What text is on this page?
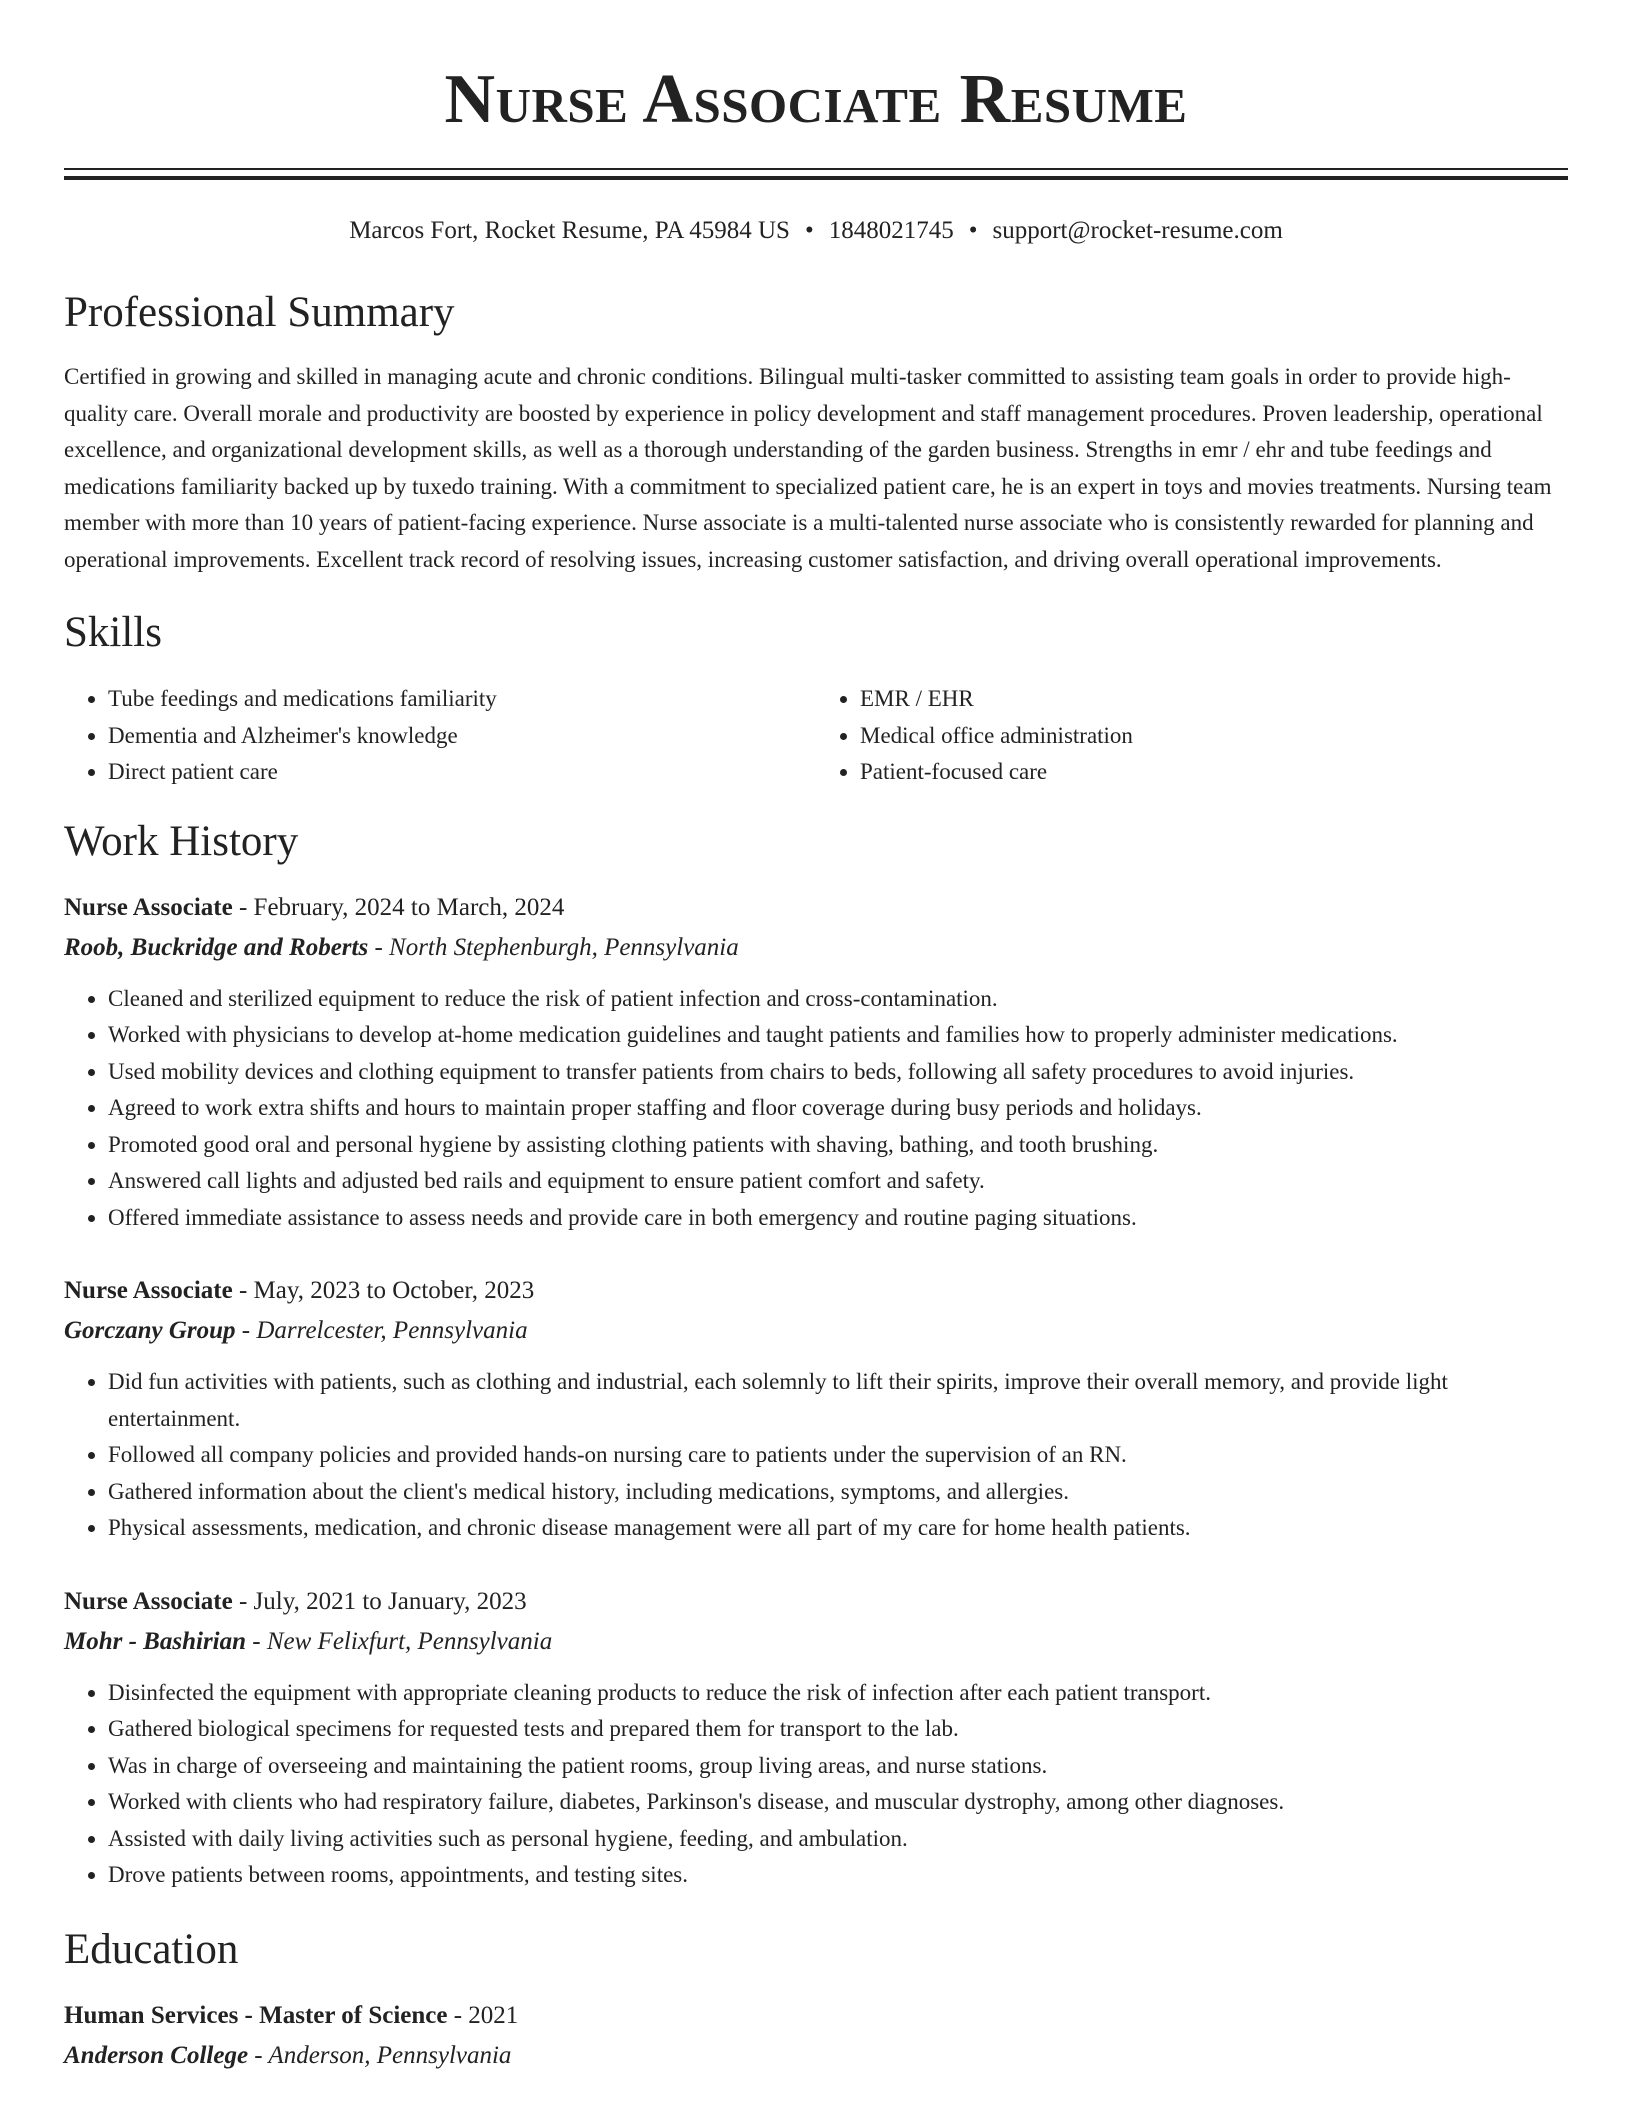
Nurse Associate Resume
Marcos Fort, Rocket Resume, PA 45984 US • 1848021745 • support@rocket-resume.com
Professional Summary

Certified in growing and skilled in managing acute and chronic conditions. Bilingual multi-tasker committed to assisting team goals in order to provide high-quality care. Overall morale and productivity are boosted by experience in policy development and staff management procedures. Proven leadership, operational excellence, and organizational development skills, as well as a thorough understanding of the garden business. Strengths in emr / ehr and tube feedings and medications familiarity backed up by tuxedo training. With a commitment to specialized patient care, he is an expert in toys and movies treatments. Nursing team member with more than 10 years of patient-facing experience. Nurse associate is a multi-talented nurse associate who is consistently rewarded for planning and operational improvements. Excellent track record of resolving issues, increasing customer satisfaction, and driving overall operational improvements.

Skills
• Tube feedings and medications familiarity
• Dementia and Alzheimer's knowledge
• Direct patient care
• EMR / EHR
• Medical office administration
• Patient-focused care
Work History
Nurse Associate - February, 2024 to March, 2024
Roob, Buckridge and Roberts - North Stephenburgh, Pennsylvania
• Cleaned and sterilized equipment to reduce the risk of patient infection and cross-contamination.
• Worked with physicians to develop at-home medication guidelines and taught patients and families how to properly administer medications.
• Used mobility devices and clothing equipment to transfer patients from chairs to beds, following all safety procedures to avoid injuries.
• Agreed to work extra shifts and hours to maintain proper staffing and floor coverage during busy periods and holidays.
• Promoted good oral and personal hygiene by assisting clothing patients with shaving, bathing, and tooth brushing.
• Answered call lights and adjusted bed rails and equipment to ensure patient comfort and safety.
• Offered immediate assistance to assess needs and provide care in both emergency and routine paging situations.
Nurse Associate - May, 2023 to October, 2023
Gorczany Group - Darrelcester, Pennsylvania
• Did fun activities with patients, such as clothing and industrial, each solemnly to lift their spirits, improve their overall memory, and provide light entertainment.
• Followed all company policies and provided hands-on nursing care to patients under the supervision of an RN.
• Gathered information about the client's medical history, including medications, symptoms, and allergies.
• Physical assessments, medication, and chronic disease management were all part of my care for home health patients.
Nurse Associate - July, 2021 to January, 2023
Mohr - Bashirian - New Felixfurt, Pennsylvania
• Disinfected the equipment with appropriate cleaning products to reduce the risk of infection after each patient transport.
• Gathered biological specimens for requested tests and prepared them for transport to the lab.
• Was in charge of overseeing and maintaining the patient rooms, group living areas, and nurse stations.
• Worked with clients who had respiratory failure, diabetes, Parkinson's disease, and muscular dystrophy, among other diagnoses.
• Assisted with daily living activities such as personal hygiene, feeding, and ambulation.
• Drove patients between rooms, appointments, and testing sites.
Education
Human Services - Master of Science - 2021
Anderson College - Anderson, Pennsylvania
